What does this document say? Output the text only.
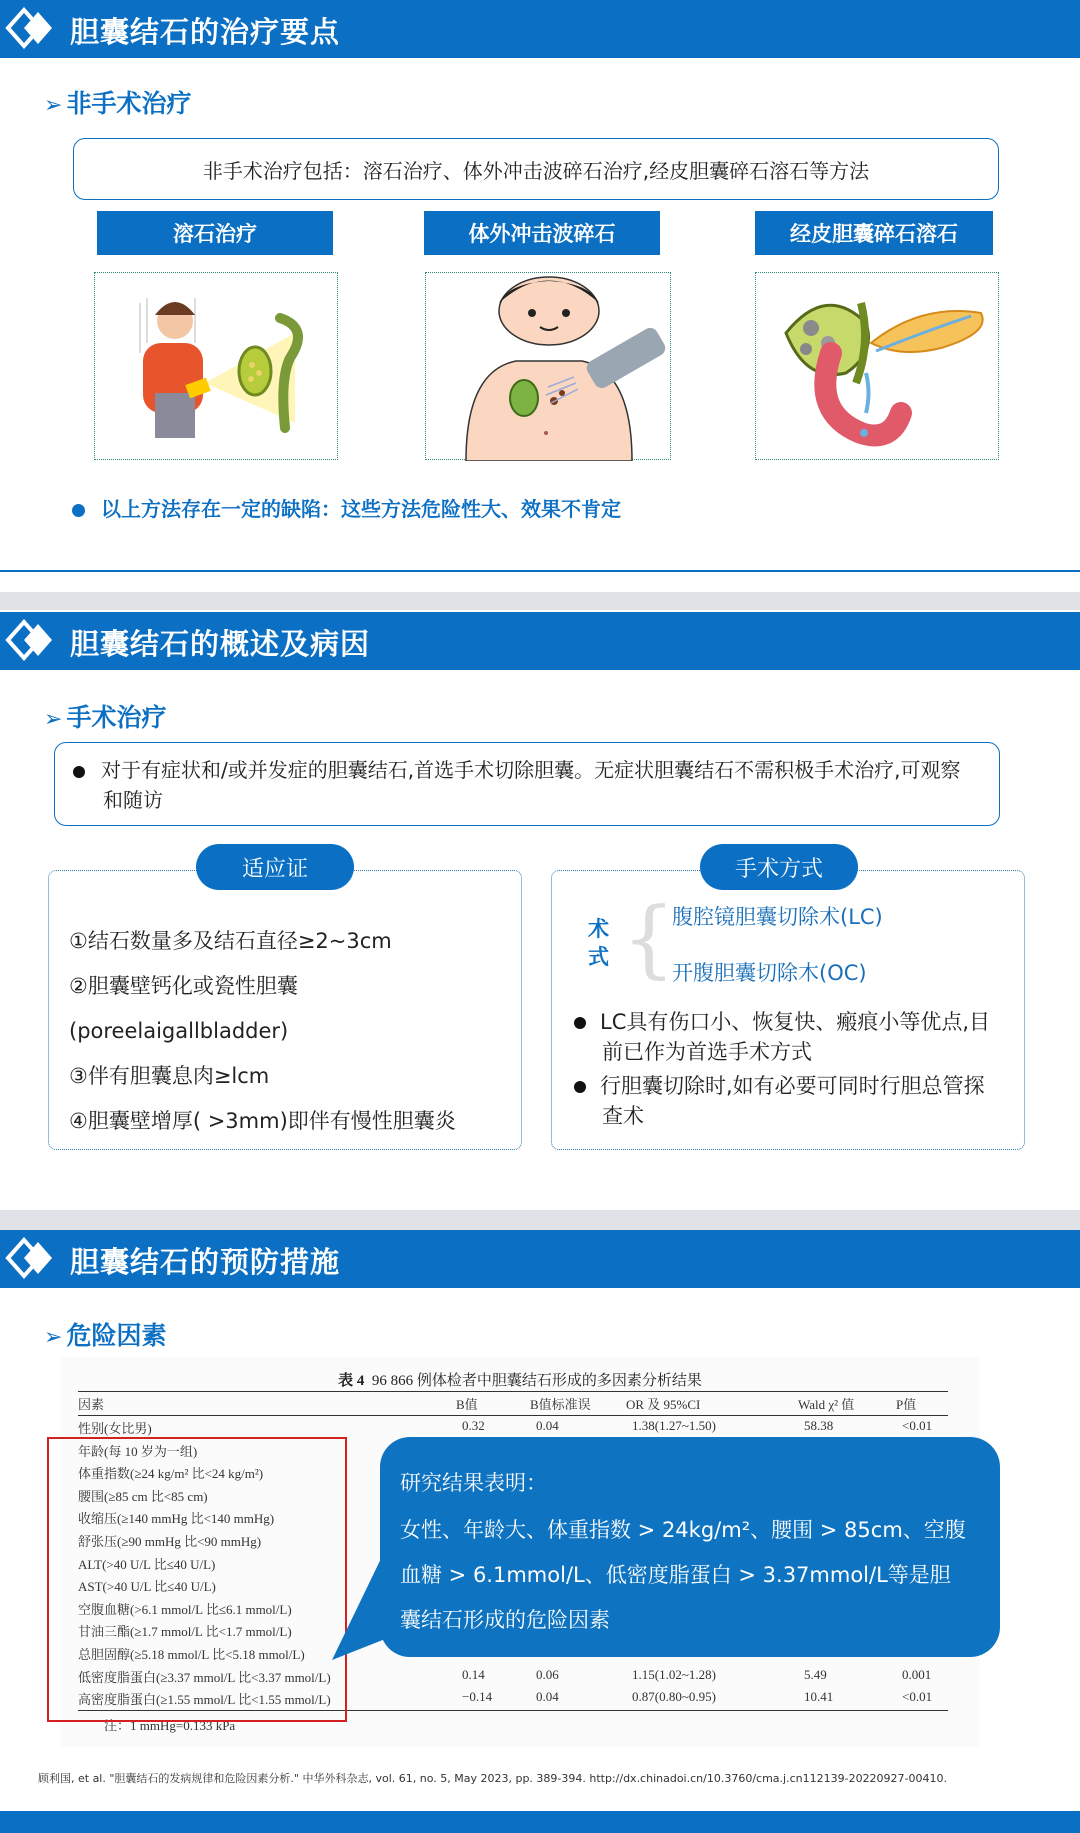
胆囊结石的治疗要点
➢ 非手术治疗
非手术治疗包括：溶石治疗、体外冲击波碎石治疗,经皮胆囊碎石溶石等方法
溶石治疗	体外冲击波碎石	经皮胆囊碎石溶石
以上方法存在一定的缺陷：这些方法危险性大、效果不肯定
胆囊结石的概述及病因
➢ 手术治疗
对于有症状和/或并发症的胆囊结石,首选手术切除胆囊。无症状胆囊结石不需积极手术治疗,可观察和随访
①结石数量多及结石直径≥2~3cm
②胆囊壁钙化或瓷性胆囊
(poreelaigallbladder)
③伴有胆囊息肉≥lcm
④胆囊壁增厚( >3mm)即伴有慢性胆囊炎
适应证
术
式 {
腹腔镜胆囊切除术(LC)
开腹胆囊切除木(OC)
LC具有伤口小、恢复快、瘢痕小等优点,目前已作为首选手术方式
行胆囊切除时,如有必要可同时行胆总管探查术
手术方式
胆囊结石的预防措施
➢ 危险因素
表 4 96 866 例体检者中胆囊结石形成的多因素分析结果
因素	B值	B值标准误	OR 及 95%CI	Wald χ² 值	P值
性别(女比男)	0.32	0.04	1.38(1.27~1.50)	58.38	<0.01
年龄(每 10 岁为一组)
体重指数(≥24 kg/m² 比<24 kg/m²)
腰围(≥85 cm 比<85 cm)
收缩压(≥140 mmHg 比<140 mmHg)
舒张压(≥90 mmHg 比<90 mmHg)
ALT(>40 U/L 比≤40 U/L)
AST(>40 U/L 比≤40 U/L)
空腹血糖(>6.1 mmol/L 比≤6.1 mmol/L)
甘油三酯(≥1.7 mmol/L 比<1.7 mmol/L)
总胆固醇(≥5.18 mmol/L 比<5.18 mmol/L)
低密度脂蛋白(≥3.37 mmol/L 比<3.37 mmol/L)	0.14	0.06	1.15(1.02~1.28)	5.49	0.001
高密度脂蛋白(≥1.55 mmol/L 比<1.55 mmol/L)	−0.14	0.04	0.87(0.80~0.95)	10.41	<0.01
注：1 mmHg=0.133 kPa
研究结果表明：
女性、年龄大、体重指数 > 24kg/m²、腰围 > 85cm、空腹
血糖 > 6.1mmol/L、低密度脂蛋白 > 3.37mmol/L等是胆
囊结石形成的危险因素
顾利国, et al. "胆囊结石的发病规律和危险因素分析." 中华外科杂志, vol. 61, no. 5, May 2023, pp. 389-394. http://dx.chinadoi.cn/10.3760/cma.j.cn112139-20220927-00410.
